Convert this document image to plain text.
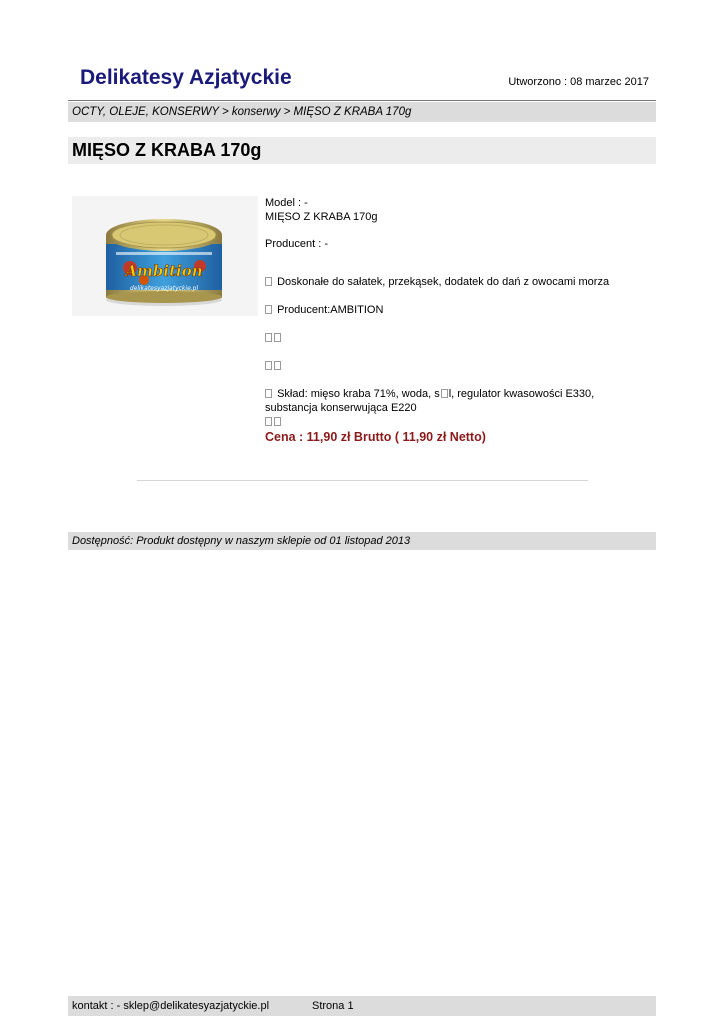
Delikatesy Azjatyckie	Utworzono : 08 marzec 2017
OCTY, OLEJE, KONSERWY > konserwy > MIĘSO Z KRABA 170g
MIĘSO Z KRABA 170g
Ambition
delikatesyazjatyckie.pl

Model : -

MIĘSO Z KRABA 170g

Producent : -

Doskonałe do sałatek, przekąsek, dodatek do dań z owocami morza

Producent:AMBITION

Skład: mięso kraba 71%, woda, s l, regulator kwasowości E330,
substancja konserwująca E220

Cena : 11,90 zł Brutto ( 11,90 zł Netto)

Dostępność: Produkt dostępny w naszym sklepie od 01 listopad 2013
kontakt : - sklep@delikatesyazjatyckie.pl	Strona 1
